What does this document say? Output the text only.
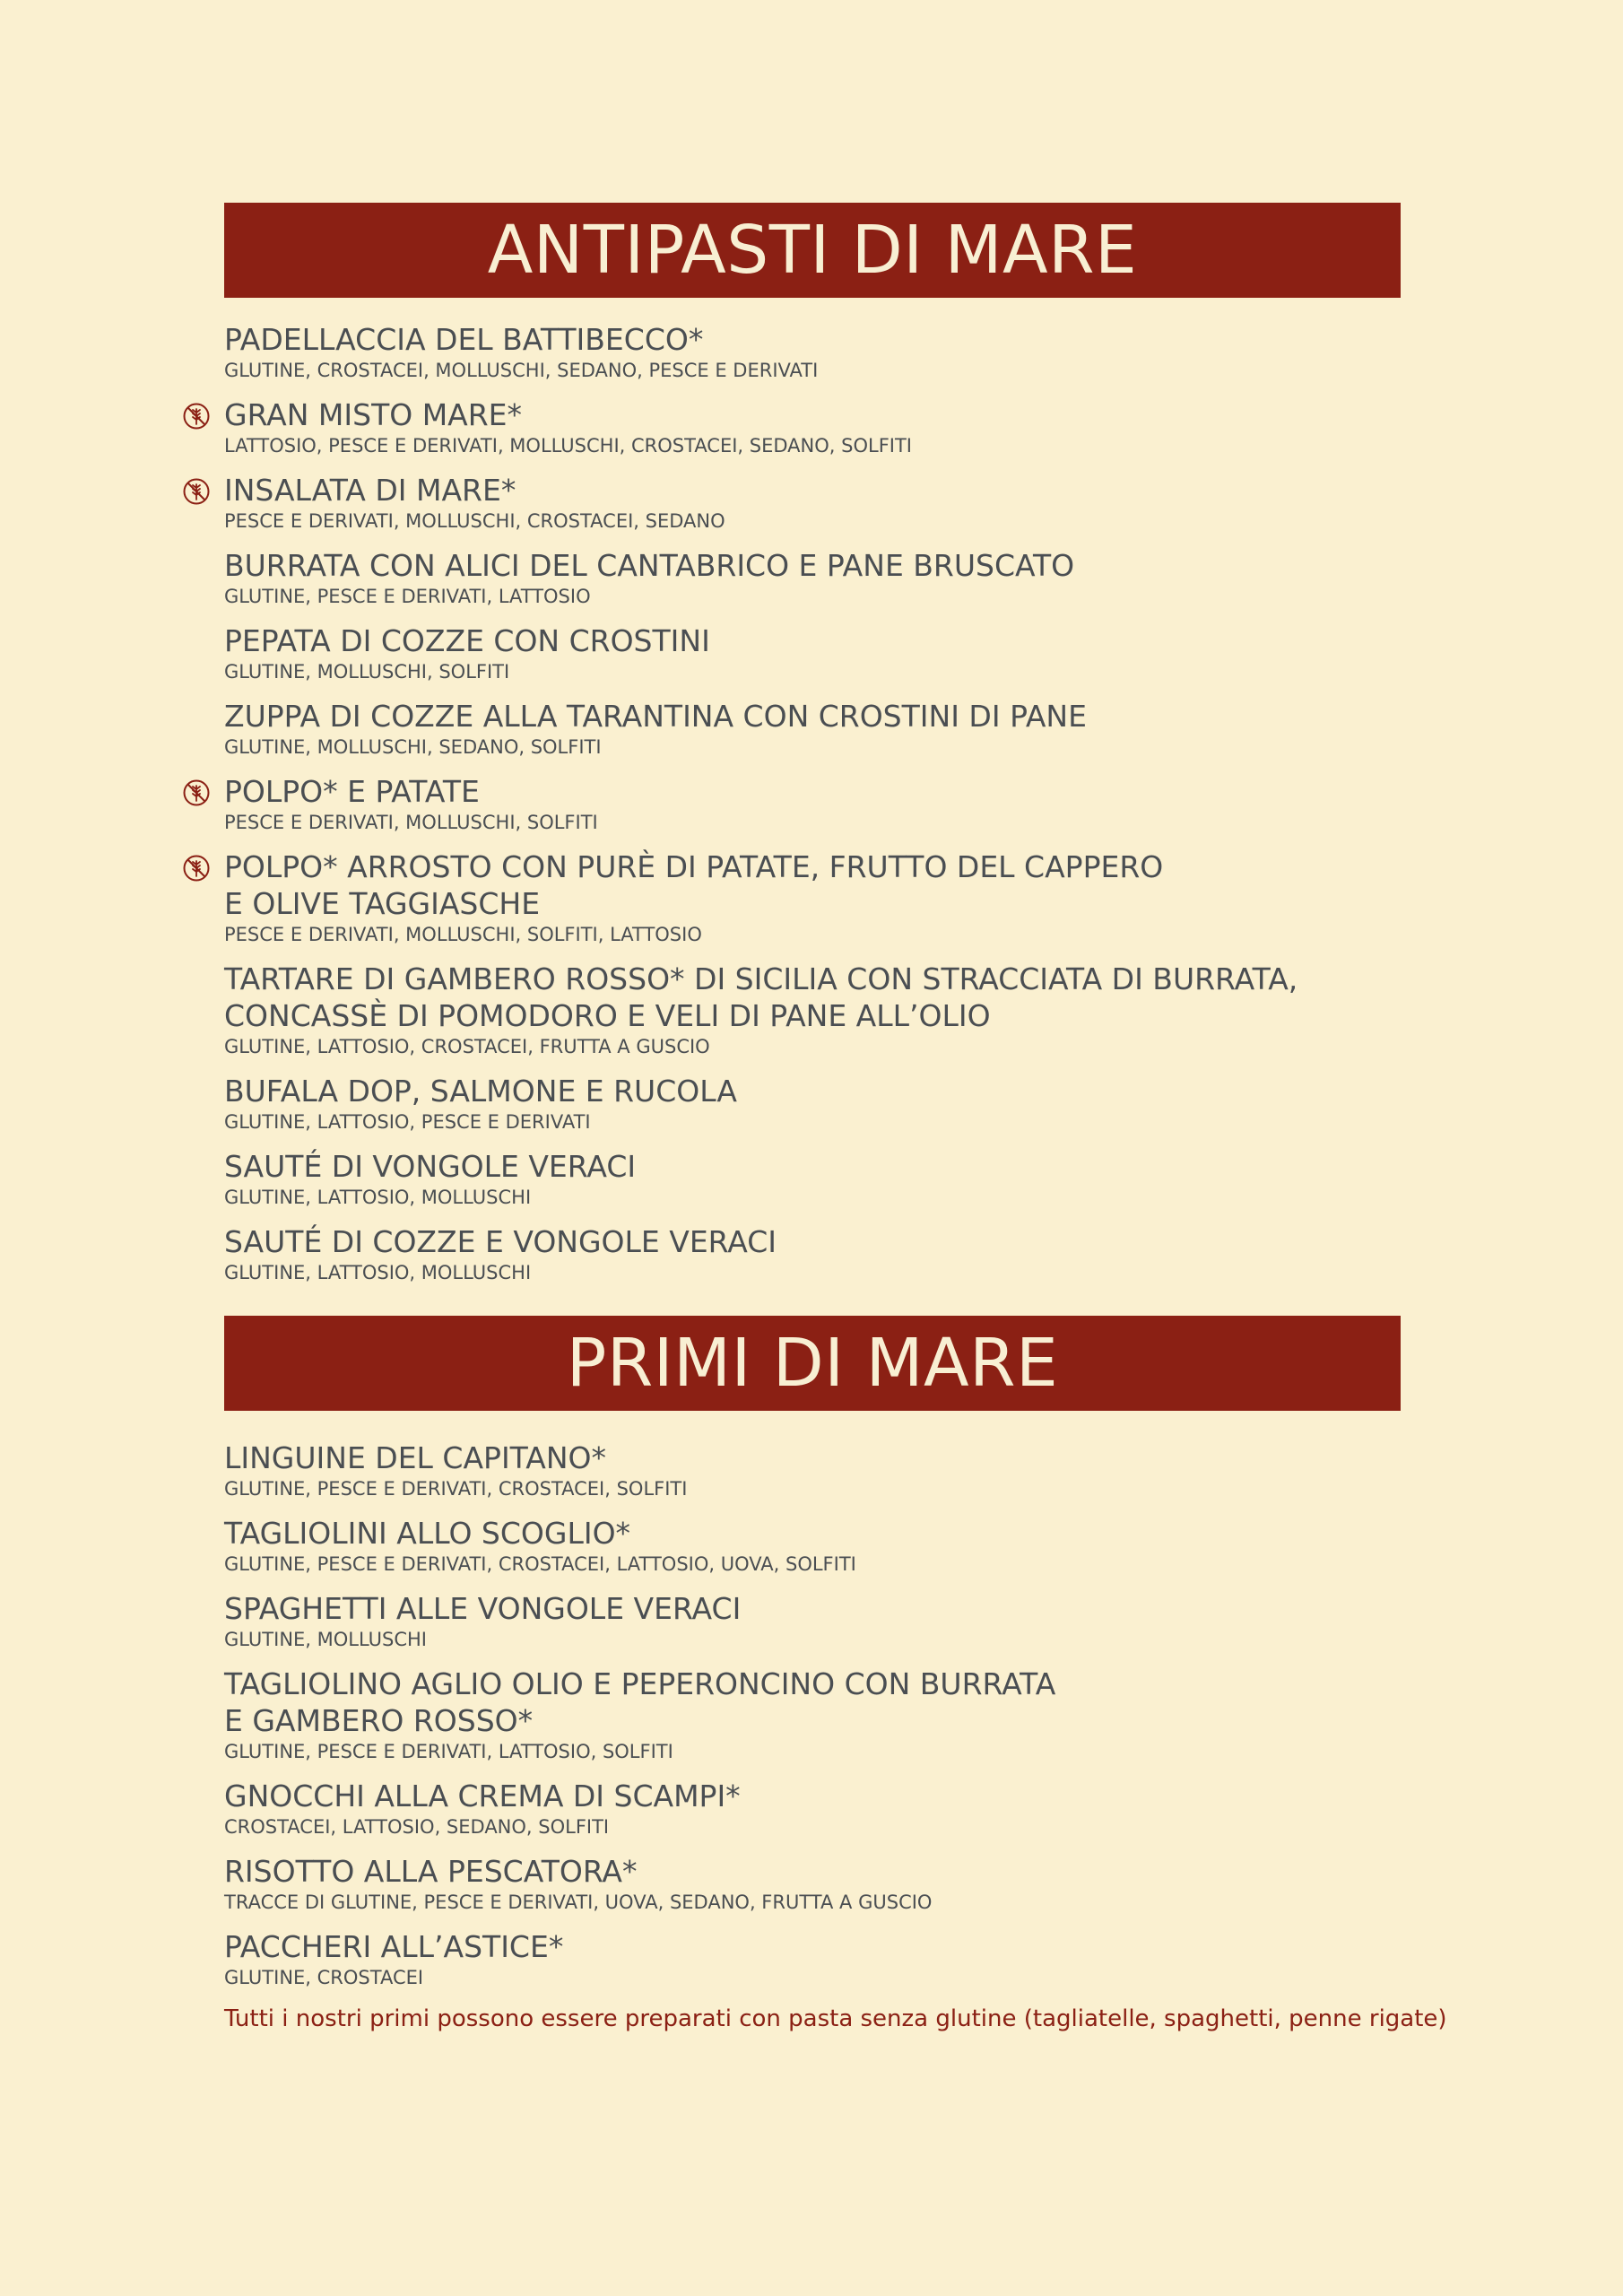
ANTIPASTI DI MARE
PADELLACCIA DEL BATTIBECCO*
GLUTINE, CROSTACEI, MOLLUSCHI, SEDANO, PESCE E DERIVATI
GRAN MISTO MARE*
LATTOSIO, PESCE E DERIVATI, MOLLUSCHI, CROSTACEI, SEDANO, SOLFITI
INSALATA DI MARE*
PESCE E DERIVATI, MOLLUSCHI, CROSTACEI, SEDANO
BURRATA CON ALICI DEL CANTABRICO E PANE BRUSCATO
GLUTINE, PESCE E DERIVATI, LATTOSIO
PEPATA DI COZZE CON CROSTINI
GLUTINE, MOLLUSCHI, SOLFITI
ZUPPA DI COZZE ALLA TARANTINA CON CROSTINI DI PANE
GLUTINE, MOLLUSCHI, SEDANO, SOLFITI
POLPO* E PATATE
PESCE E DERIVATI, MOLLUSCHI, SOLFITI
POLPO* ARROSTO CON PURÈ DI PATATE, FRUTTO DEL CAPPERO
E OLIVE TAGGIASCHE
PESCE E DERIVATI, MOLLUSCHI, SOLFITI, LATTOSIO
TARTARE DI GAMBERO ROSSO* DI SICILIA CON STRACCIATA DI BURRATA,
CONCASSÈ DI POMODORO E VELI DI PANE ALL’OLIO
GLUTINE, LATTOSIO, CROSTACEI, FRUTTA A GUSCIO
BUFALA DOP, SALMONE E RUCOLA
GLUTINE, LATTOSIO, PESCE E DERIVATI
SAUTÉ DI VONGOLE VERACI
GLUTINE, LATTOSIO, MOLLUSCHI
SAUTÉ DI COZZE E VONGOLE VERACI
GLUTINE, LATTOSIO, MOLLUSCHI
PRIMI DI MARE
LINGUINE DEL CAPITANO*
GLUTINE, PESCE E DERIVATI, CROSTACEI, SOLFITI
TAGLIOLINI ALLO SCOGLIO*
GLUTINE, PESCE E DERIVATI, CROSTACEI, LATTOSIO, UOVA, SOLFITI
SPAGHETTI ALLE VONGOLE VERACI
GLUTINE, MOLLUSCHI
TAGLIOLINO AGLIO OLIO E PEPERONCINO CON BURRATA
E GAMBERO ROSSO*
GLUTINE, PESCE E DERIVATI, LATTOSIO, SOLFITI
GNOCCHI ALLA CREMA DI SCAMPI*
CROSTACEI, LATTOSIO, SEDANO, SOLFITI
RISOTTO ALLA PESCATORA*
TRACCE DI GLUTINE, PESCE E DERIVATI, UOVA, SEDANO, FRUTTA A GUSCIO
PACCHERI ALL’ASTICE*
GLUTINE, CROSTACEI
Tutti i nostri primi possono essere preparati con pasta senza glutine (tagliatelle, spaghetti, penne rigate)
